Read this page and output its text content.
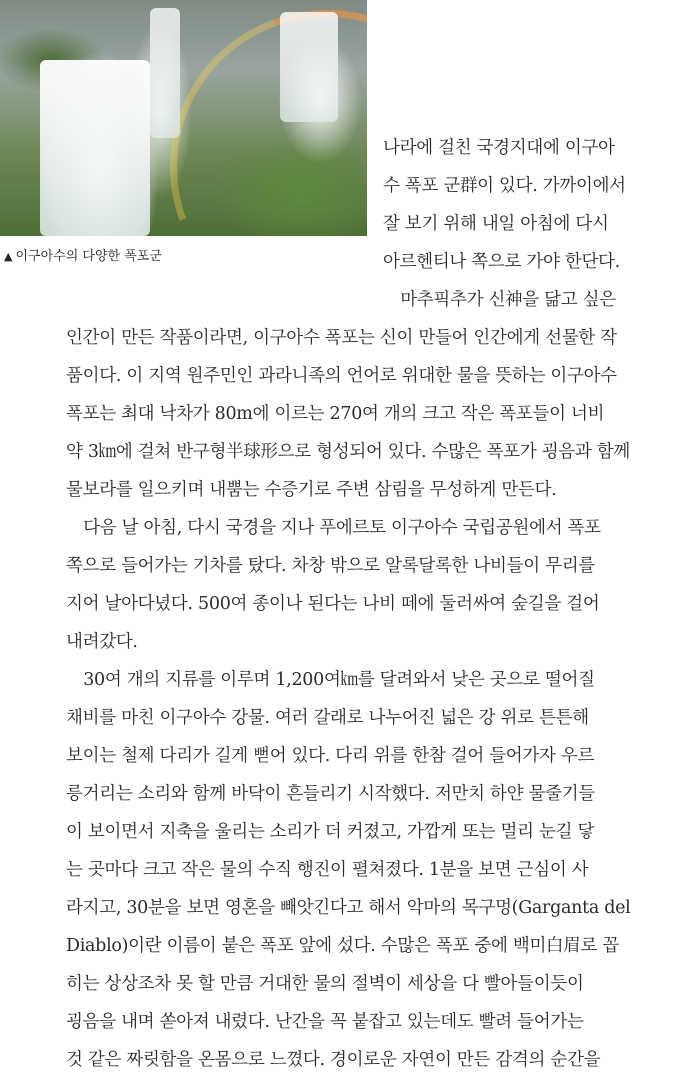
▲ 이구아수의 다양한 폭포군
나라에 걸친 국경지대에 이구아
수 폭포 군群이 있다. 가까이에서
잘 보기 위해 내일 아침에 다시
아르헨티나 쪽으로 가야 한단다.
　마추픽추가 신神을 닮고 싶은
인간이 만든 작품이라면, 이구아수 폭포는 신이 만들어 인간에게 선물한 작
품이다. 이 지역 원주민인 과라니족의 언어로 위대한 물을 뜻하는 이구아수
폭포는 최대 낙차가 80m에 이르는 270여 개의 크고 작은 폭포들이 너비
약 3㎞에 걸쳐 반구형半球形으로 형성되어 있다. 수많은 폭포가 굉음과 함께
물보라를 일으키며 내뿜는 수증기로 주변 삼림을 무성하게 만든다.
　다음 날 아침, 다시 국경을 지나 푸에르토 이구아수 국립공원에서 폭포
쪽으로 들어가는 기차를 탔다. 차창 밖으로 알록달록한 나비들이 무리를
지어 날아다녔다. 500여 종이나 된다는 나비 떼에 둘러싸여 숲길을 걸어
내려갔다.
　30여 개의 지류를 이루며 1,200여㎞를 달려와서 낮은 곳으로 떨어질
채비를 마친 이구아수 강물. 여러 갈래로 나누어진 넓은 강 위로 튼튼해
보이는 철제 다리가 길게 뻗어 있다. 다리 위를 한참 걸어 들어가자 우르
릉거리는 소리와 함께 바닥이 흔들리기 시작했다. 저만치 하얀 물줄기들
이 보이면서 지축을 울리는 소리가 더 커졌고, 가깝게 또는 멀리 눈길 닿
는 곳마다 크고 작은 물의 수직 행진이 펼쳐졌다. 1분을 보면 근심이 사
라지고, 30분을 보면 영혼을 빼앗긴다고 해서 악마의 목구멍(Garganta del
Diablo)이란 이름이 붙은 폭포 앞에 섰다. 수많은 폭포 중에 백미白眉로 꼽
히는 상상조차 못 할 만큼 거대한 물의 절벽이 세상을 다 빨아들이듯이
굉음을 내며 쏟아져 내렸다. 난간을 꼭 붙잡고 있는데도 빨려 들어가는
것 같은 짜릿함을 온몸으로 느꼈다. 경이로운 자연이 만든 감격의 순간을
